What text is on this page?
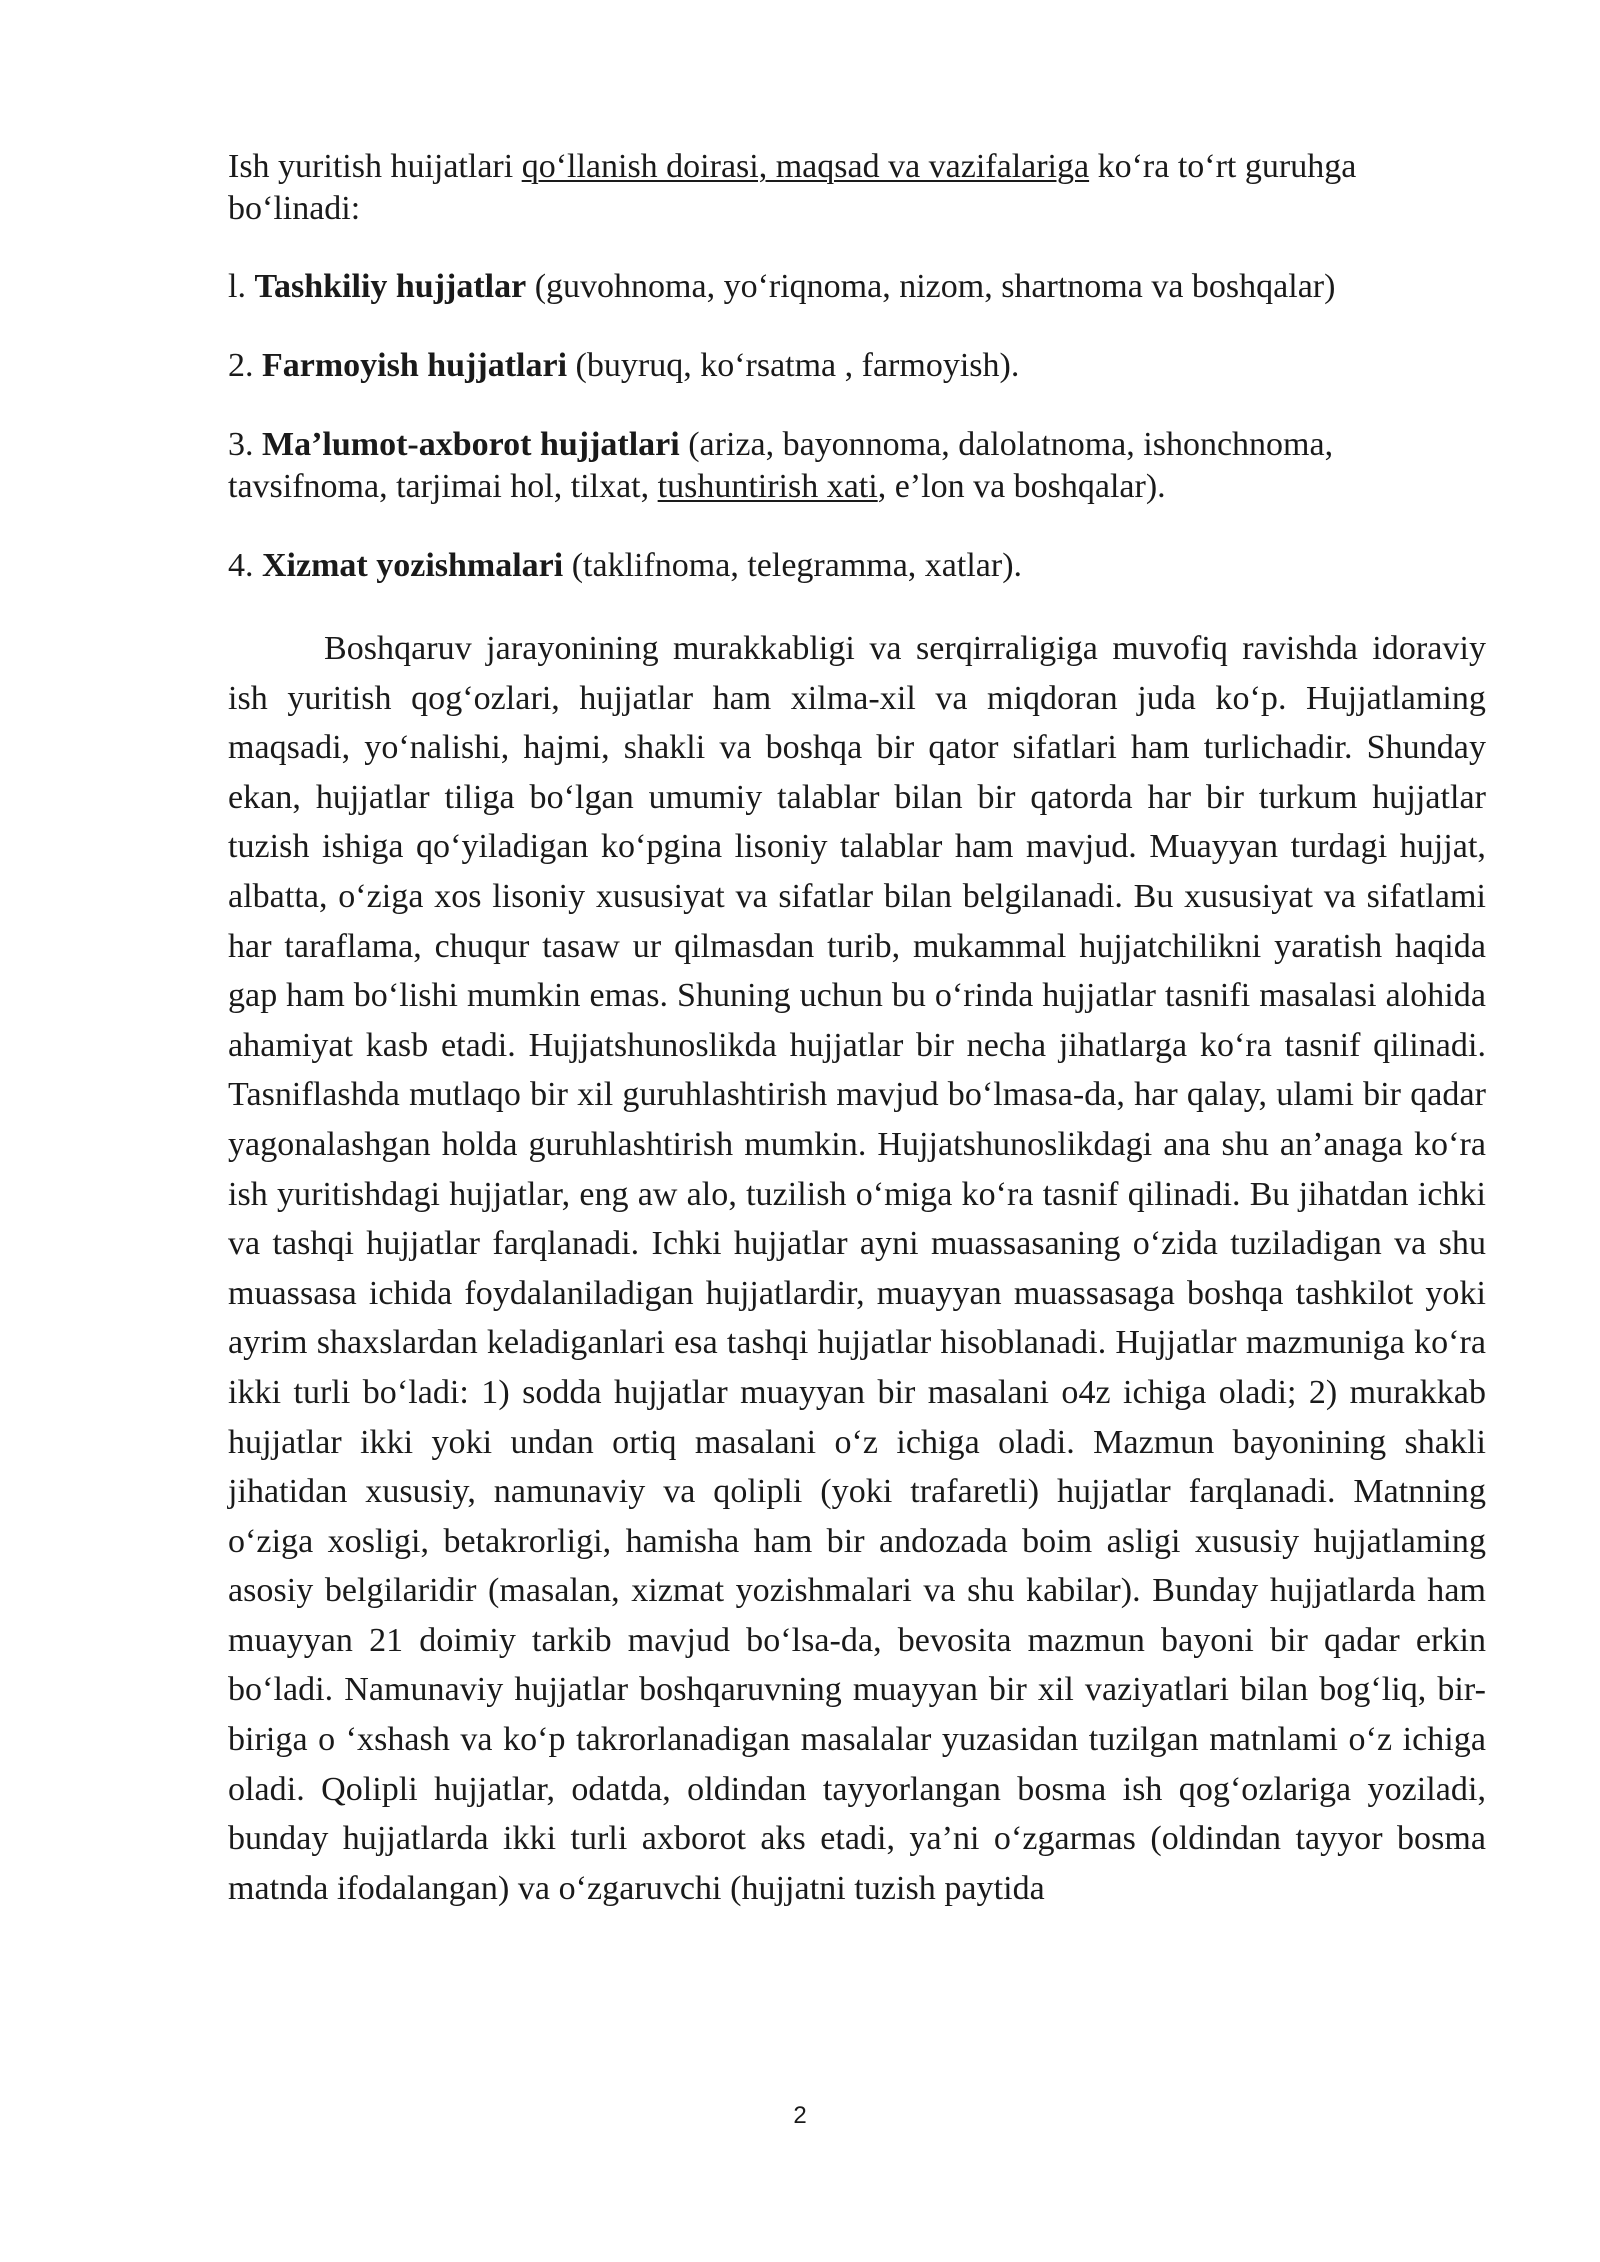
Ish yuritish huijatlari qo‘llanish doirasi, maqsad va vazifalariga ko‘ra to‘rt guruhga bo‘linadi:

l. Tashkiliy hujjatlar (guvohnoma, yo‘riqnoma, nizom, shartnoma va boshqalar)

2. Farmoyish hujjatlari (buyruq, ko‘rsatma , farmoyish).

3. Ma’lumot-axborot hujjatlari (ariza, bayonnoma, dalolatnoma, ishonchnoma, tavsifnoma, tarjimai hol, tilxat, tushuntirish xati, e’lon va boshqalar).

4. Xizmat yozishmalari (taklifnoma, telegramma, xatlar).

Boshqaruv jarayonining murakkabligi va serqirraligiga muvofiq ravishda idoraviy ish yuritish qog‘ozlari, hujjatlar ham xilma-xil va miqdoran juda ko‘p. Hujjatlaming maqsadi, yo‘nalishi, hajmi, shakli va boshqa bir qator sifatlari ham turlichadir. Shunday ekan, hujjatlar tiliga bo‘lgan umumiy talablar bilan bir qatorda har bir turkum hujjatlar tuzish ishiga qo‘yiladigan ko‘pgina lisoniy talablar ham mavjud. Muayyan turdagi hujjat, albatta, o‘ziga xos lisoniy xususiyat va sifatlar bilan belgilanadi. Bu xususiyat va sifatlami har taraflama, chuqur tasaw ur qilmasdan turib, mukammal hujjatchilikni yaratish haqida gap ham bo‘lishi mumkin emas. Shuning uchun bu o‘rinda hujjatlar tasnifi masalasi alohida ahamiyat kasb etadi. Hujjatshunoslikda hujjatlar bir necha jihatlarga ko‘ra tasnif qilinadi. Tasniflashda mutlaqo bir xil guruhlashtirish mavjud bo‘lmasa-da, har qalay, ulami bir qadar yagonalashgan holda guruhlashtirish mumkin. Hujjatshunoslikdagi ana shu an’anaga ko‘ra ish yuritishdagi hujjatlar, eng aw alo, tuzilish o‘miga ko‘ra tasnif qilinadi. Bu jihatdan ichki va tashqi hujjatlar farqlanadi. Ichki hujjatlar ayni muassasaning o‘zida tuziladigan va shu muassasa ichida foydalaniladigan hujjatlardir, muayyan muassasaga boshqa tashkilot yoki ayrim shaxslardan keladiganlari esa tashqi hujjatlar hisoblanadi. Hujjatlar mazmuniga ko‘ra ikki turli bo‘ladi: 1) sodda hujjatlar muayyan bir masalani o4z ichiga oladi; 2) murakkab hujjatlar ikki yoki undan ortiq masalani o‘z ichiga oladi. Mazmun bayonining shakli jihatidan xususiy, namunaviy va qolipli (yoki trafaretli) hujjatlar farqlanadi. Matnning o‘ziga xosligi, betakrorligi, hamisha ham bir andozada boim asligi xususiy hujjatlaming asosiy belgilaridir (masalan, xizmat yozishmalari va shu kabilar). Bunday hujjatlarda ham muayyan 21 doimiy tarkib mavjud bo‘lsa-da, bevosita mazmun bayoni bir qadar erkin bo‘ladi. Namunaviy hujjatlar boshqaruvning muayyan bir xil vaziyatlari bilan bog‘liq, bir-biriga o ‘xshash va ko‘p takrorlanadigan masalalar yuzasidan tuzilgan matnlami o‘z ichiga oladi. Qolipli hujjatlar, odatda, oldindan tayyorlangan bosma ish qog‘ozlariga yoziladi, bunday hujjatlarda ikki turli axborot aks etadi, ya’ni o‘zgarmas (oldindan tayyor bosma matnda ifodalangan) va o‘zgaruvchi (hujjatni tuzish paytida

2
